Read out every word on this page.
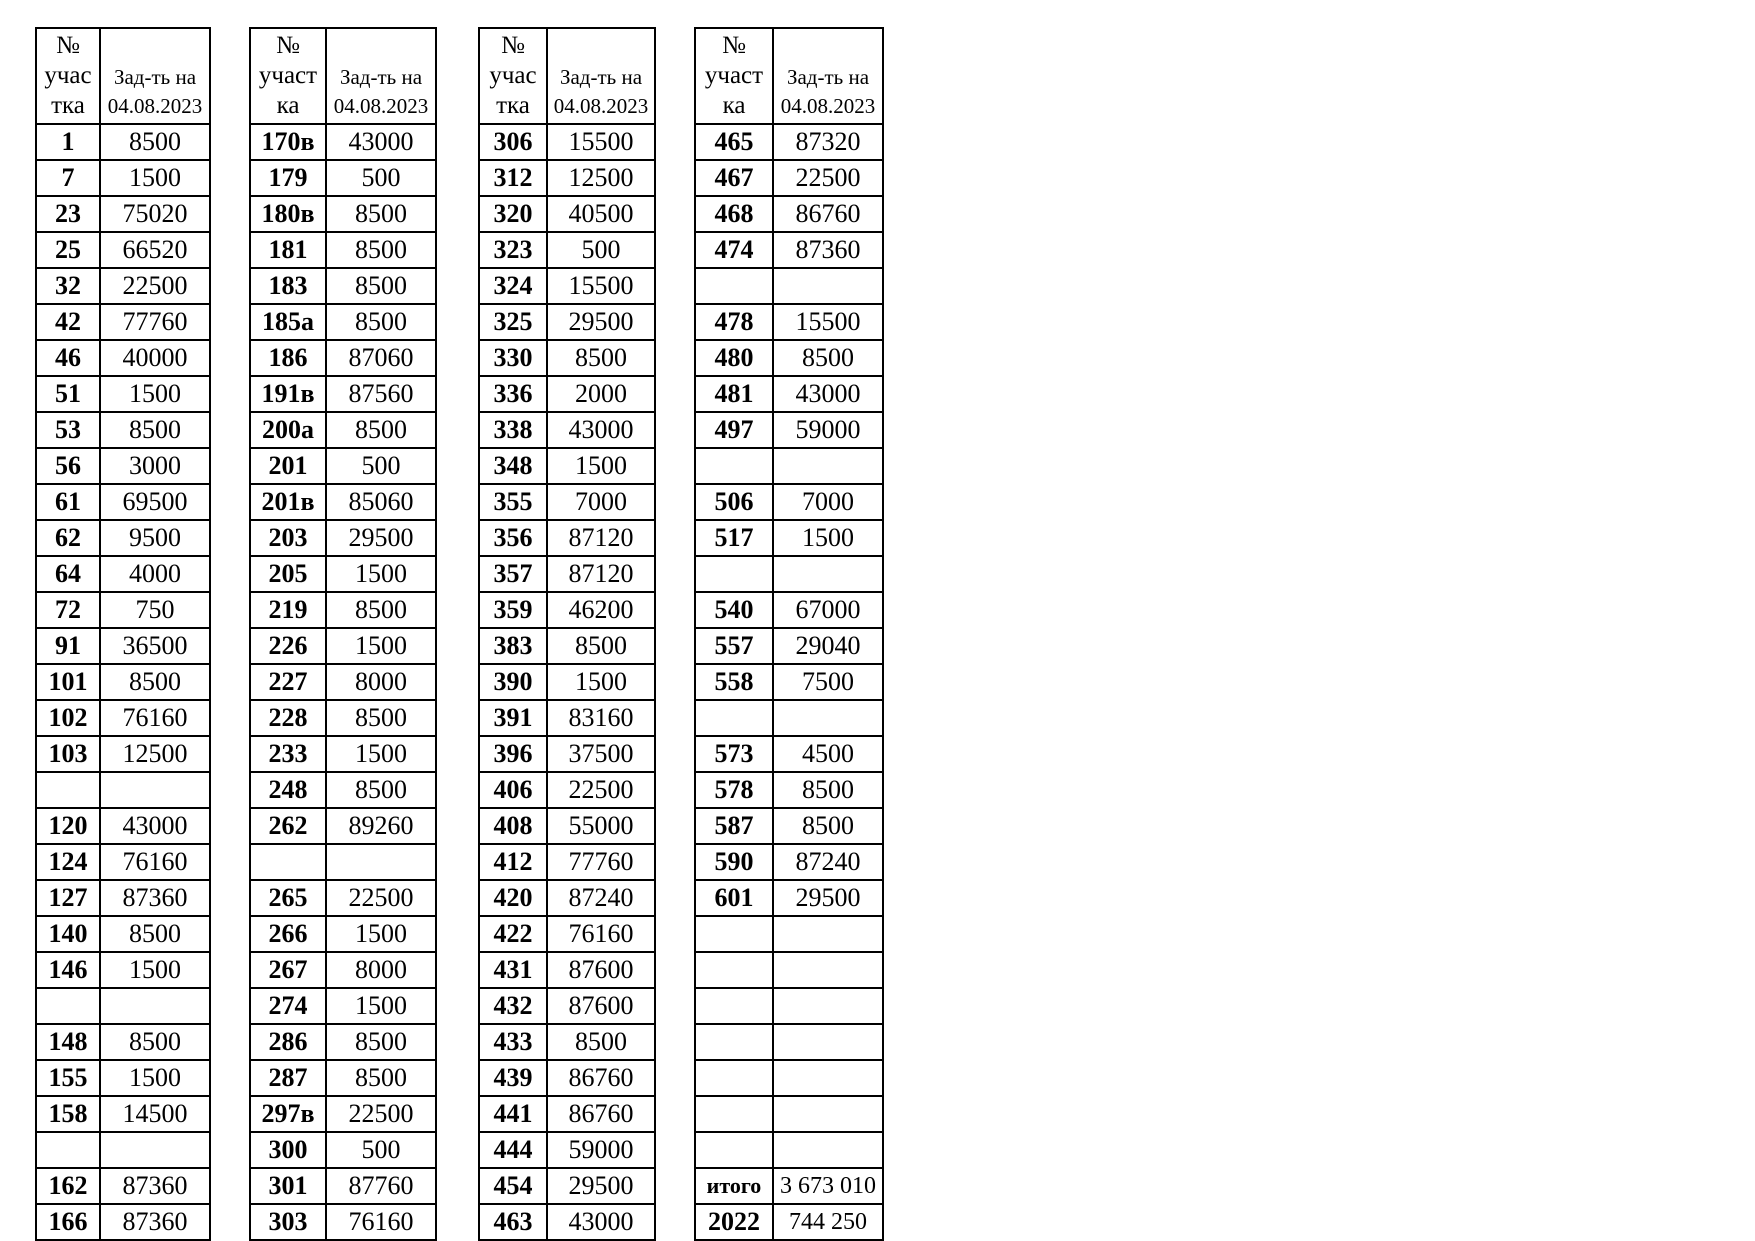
№
учас
тка	Зад-ть на
04.08.2023

1	8500
7	1500
23	75020
25	66520
32	22500
42	77760
46	40000
51	1500
53	8500
56	3000
61	69500
62	9500
64	4000
72	750
91	36500
101	8500
102	76160
103	12500

120	43000
124	76160
127	87360
140	8500
146	1500

148	8500
155	1500
158	14500

162	87360
166	87360
№
участ
ка	Зад-ть на
04.08.2023

170в	43000
179	500
180в	8500
181	8500
183	8500
185а	8500
186	87060
191в	87560
200а	8500
201	500
201в	85060
203	29500
205	1500
219	8500
226	1500
227	8000
228	8500
233	1500
248	8500
262	89260

265	22500
266	1500
267	8000
274	1500
286	8500
287	8500
297в	22500
300	500
301	87760
303	76160
№
учас
тка	Зад-ть на
04.08.2023

306	15500
312	12500
320	40500
323	500
324	15500
325	29500
330	8500
336	2000
338	43000
348	1500
355	7000
356	87120
357	87120
359	46200
383	8500
390	1500
391	83160
396	37500
406	22500
408	55000
412	77760
420	87240
422	76160
431	87600
432	87600
433	8500
439	86760
441	86760
444	59000
454	29500
463	43000
№
участ
ка	Зад-ть на
04.08.2023

465	87320
467	22500
468	86760
474	87360

478	15500
480	8500
481	43000
497	59000

506	7000
517	1500

540	67000
557	29040
558	7500

573	4500
578	8500
587	8500
590	87240
601	29500

итого	3 673 010
2022	744 250
